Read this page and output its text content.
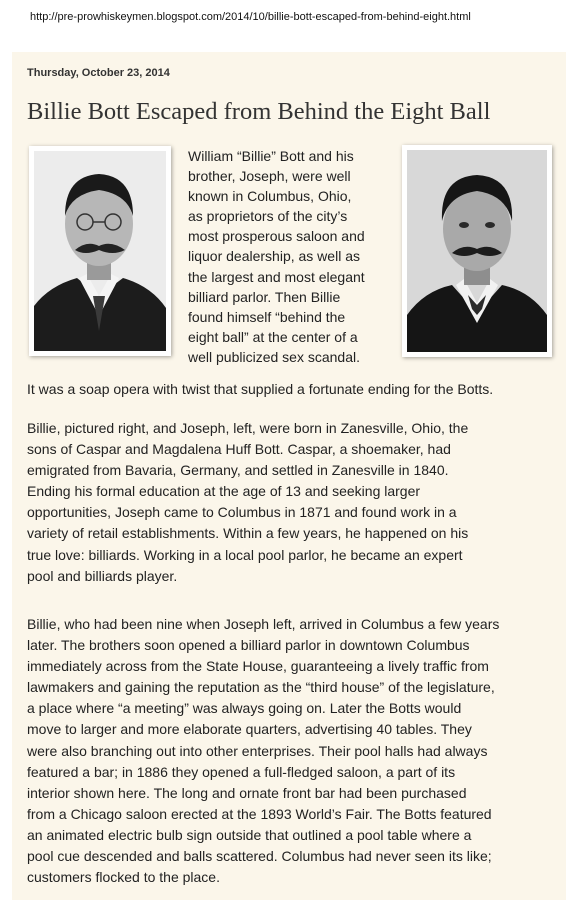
http://pre-prowhiskeymen.blogspot.com/2014/10/billie-bott-escaped-from-behind-eight.html
Thursday, October 23, 2014
Billie Bott Escaped from Behind the Eight Ball

William “Billie” Bott and his
brother, Joseph, were well
known in Columbus, Ohio,
as proprietors of the city’s
most prosperous saloon and
liquor dealership, as well as
the largest and most elegant
billiard parlor. Then Billie
found himself “behind the
eight ball” at the center of a
well publicized sex scandal.

It was a soap opera with twist that supplied a fortunate ending for the Botts.

Billie, pictured right, and Joseph, left, were born in Zanesville, Ohio, the
sons of Caspar and Magdalena Huff Bott. Caspar, a shoemaker, had
emigrated from Bavaria, Germany, and settled in Zanesville in 1840.
Ending his formal education at the age of 13 and seeking larger
opportunities, Joseph came to Columbus in 1871 and found work in a
variety of retail establishments. Within a few years, he happened on his
true love: billiards. Working in a local pool parlor, he became an expert
pool and billiards player.

Billie, who had been nine when Joseph left, arrived in Columbus a few years
later. The brothers soon opened a billiard parlor in downtown Columbus
immediately across from the State House, guaranteeing a lively traffic from
lawmakers and gaining the reputation as the “third house” of the legislature,
a place where “a meeting” was always going on. Later the Botts would
move to larger and more elaborate quarters, advertising 40 tables. They
were also branching out into other enterprises. Their pool halls had always
featured a bar; in 1886 they opened a full-fledged saloon, a part of its
interior shown here. The long and ornate front bar had been purchased
from a Chicago saloon erected at the 1893 World’s Fair. The Botts featured
an animated electric bulb sign outside that outlined a pool table where a
pool cue descended and balls scattered. Columbus had never seen its like;
customers flocked to the place.
